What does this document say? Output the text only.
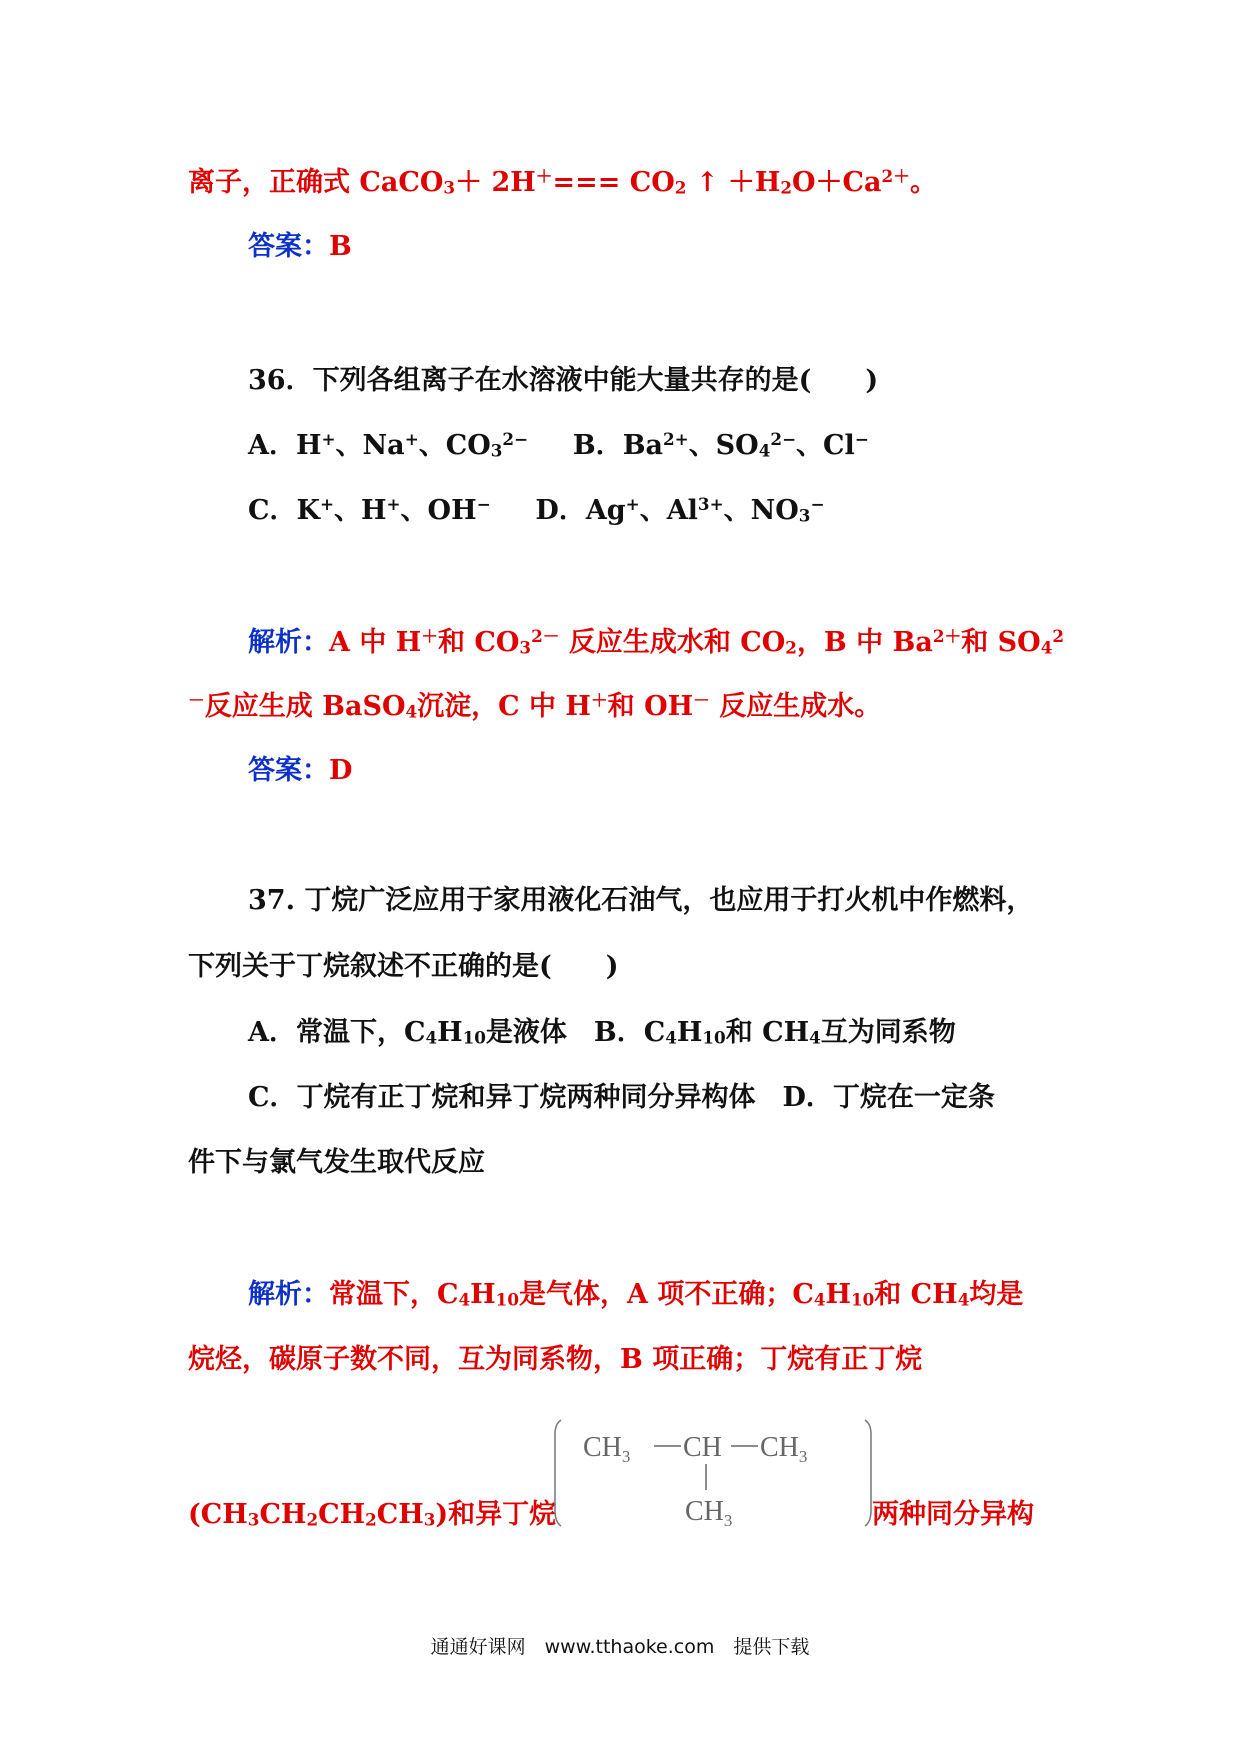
离子，正确式 CaCO$_3$＋ $2H^+=== CO_2$ ↑ $+H_2O+Ca^{2+}$。
答案：B
36．下列各组离子在水溶液中能大量共存的是(　　)
A．H+、Na+、$CO_3^{2-}$ B．$Ba^{2+}$、$SO_4^{2-}$、Cl−
C．K+、H+、OH− D．Ag+、$Al^{3+}$、$NO_3^-$
解析：A 中 H＋和 $CO_3^{2-}$ 反应生成水和 $CO_2$，B 中 $Ba^{2+}$和 $SO_4^2$
－反应生成 BaSO$_4$沉淀，C 中 H＋和 OH－ 反应生成水。
答案：D
37. 丁烷广泛应用于家用液化石油气，也应用于打火机中作燃料，
下列关于丁烷叙述不正确的是(　　)
A．常温下，$C_4H_{10}$是液体　B．$C_4H_{10}$和 $CH_4$互为同系物
C．丁烷有正丁烷和异丁烷两种同分异构体　D．丁烷在一定条
件下与氯气发生取代反应
解析：常温下，$C_4H_{10}$是气体，A 项不正确；$C_4H_{10}$和 $CH_4$均是
烷烃，碳原子数不同，互为同系物，B 项正确；丁烷有正丁烷
$(CH_3CH_2CH_2CH_3)$和异丁烷	两种同分异构
$CH_3$ CH $CH_3$
$CH_3$
通通好课网　www.tthaoke.com　提供下载
